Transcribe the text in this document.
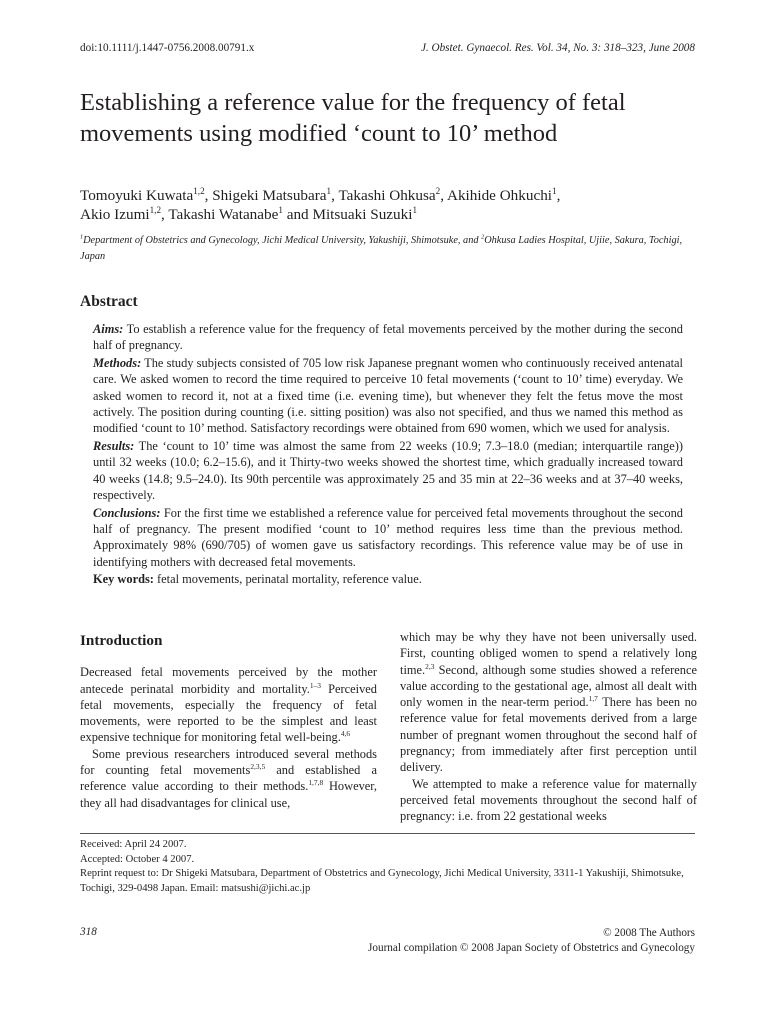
doi:10.1111/j.1447-0756.2008.00791.x	J. Obstet. Gynaecol. Res. Vol. 34, No. 3: 318–323, June 2008
Establishing a reference value for the frequency of fetal movements using modified ‘count to 10’ method
Tomoyuki Kuwata$^{1,2}$, Shigeki Matsubara$^1$, Takashi Ohkusa$^2$, Akihide Ohkuchi$^1$,
Akio Izumi$^{1,2}$, Takashi Watanabe$^1$ and Mitsuaki Suzuki$^1$
$^1$Department of Obstetrics and Gynecology, Jichi Medical University, Yakushiji, Shimotsuke, and $^2$Ohkusa Ladies Hospital, Ujiie, Sakura, Tochigi, Japan
Abstract

Aims: To establish a reference value for the frequency of fetal movements perceived by the mother during the second half of pregnancy.

Methods: The study subjects consisted of 705 low risk Japanese pregnant women who continuously received antenatal care. We asked women to record the time required to perceive 10 fetal movements (‘count to 10’ time) everyday. We asked women to record it, not at a fixed time (i.e. evening time), but whenever they felt the fetus move the most actively. The position during counting (i.e. sitting position) was also not specified, and thus we named this method as modified ‘count to 10’ method. Satisfactory recordings were obtained from 690 women, which we used for analysis.

Results: The ‘count to 10’ time was almost the same from 22 weeks (10.9; 7.3–18.0 (median; interquartile range)) until 32 weeks (10.0; 6.2–15.6), and it Thirty-two weeks showed the shortest time, which gradually increased toward 40 weeks (14.8; 9.5–24.0). Its 90th percentile was approximately 25 and 35 min at 22–36 weeks and at 37–40 weeks, respectively.

Conclusions: For the first time we established a reference value for perceived fetal movements throughout the second half of pregnancy. The present modified ‘count to 10’ method requires less time than the previous method. Approximately 98% (690/705) of women gave us satisfactory recordings. This reference value may be of use in identifying mothers with decreased fetal movements.

Key words: fetal movements, perinatal mortality, reference value.

Introduction

Decreased fetal movements perceived by the mother antecede perinatal morbidity and mortality.$^{1-3}$ Perceived fetal movements, especially the frequency of fetal movements, were reported to be the simplest and least expensive technique for monitoring fetal well-being.$^{4,6}$

Some previous researchers introduced several methods for counting fetal movements$^{2,3,5}$ and established a reference value according to their methods.$^{1,7,8}$ However, they all had disadvantages for clinical use,

which may be why they have not been universally used. First, counting obliged women to spend a relatively long time.$^{2,3}$ Second, although some studies showed a reference value according to the gestational age, almost all dealt with only women in the near-term period.$^{1,7}$ There has been no reference value for fetal movements derived from a large number of pregnant women throughout the second half of pregnancy; from immediately after first perception until delivery.

We attempted to make a reference value for maternally perceived fetal movements throughout the second half of pregnancy: i.e. from 22 gestational weeks

Received: April 24 2007.
Accepted: October 4 2007.
Reprint request to: Dr Shigeki Matsubara, Department of Obstetrics and Gynecology, Jichi Medical University, 3311-1 Yakushiji, Shimotsuke, Tochigi, 329-0498 Japan. Email: matsushi@jichi.ac.jp
318	© 2008 The Authors
Journal compilation © 2008 Japan Society of Obstetrics and Gynecology
